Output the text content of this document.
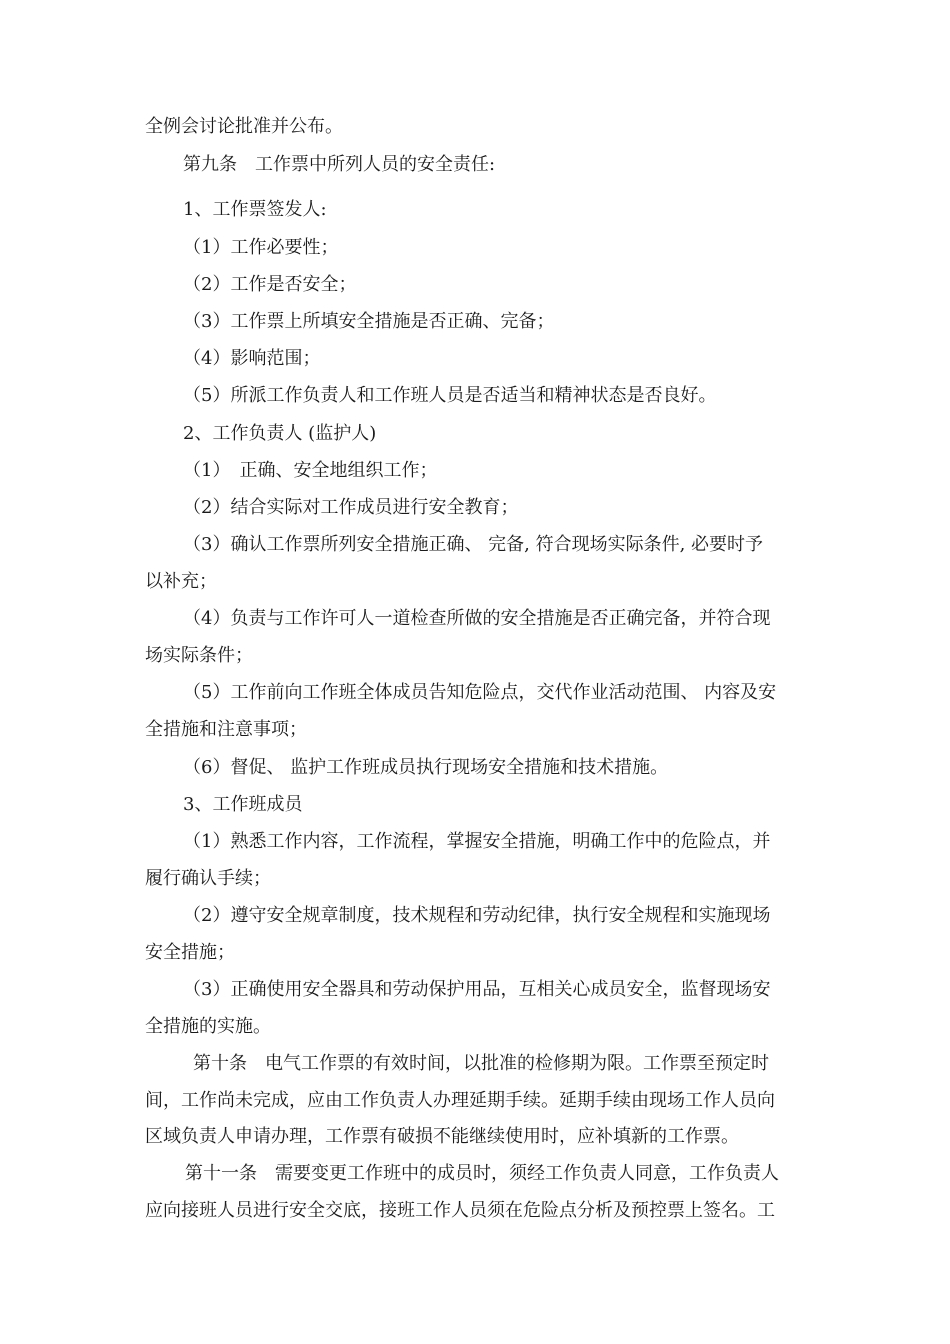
全例会讨论批准并公布。

第九条　工作票中所列人员的安全责任:

1、工作票签发人:

（1）工作必要性；

（2）工作是否安全；

（3）工作票上所填安全措施是否正确、完备；

（4）影响范围；

（5）所派工作负责人和工作班人员是否适当和精神状态是否良好。

2、工作负责人 (监护人)

（1）　正确、安全地组织工作；

（2）结合实际对工作成员进行安全教育；

（3）确认工作票所列安全措施正确、 完备, 符合现场实际条件, 必要时予

以补充；

（4）负责与工作许可人一道检查所做的安全措施是否正确完备，并符合现

场实际条件；

（5）工作前向工作班全体成员告知危险点，交代作业活动范围、 内容及安

全措施和注意事项；

（6）督促、 监护工作班成员执行现场安全措施和技术措施。

3、工作班成员

（1）熟悉工作内容，工作流程，掌握安全措施，明确工作中的危险点，并

履行确认手续；

（2）遵守安全规章制度，技术规程和劳动纪律，执行安全规程和实施现场

安全措施；

（3）正确使用安全器具和劳动保护用品，互相关心成员安全，监督现场安

全措施的实施。

第十条　电气工作票的有效时间，以批准的检修期为限。工作票至预定时

间，工作尚未完成，应由工作负责人办理延期手续。延期手续由现场工作人员向

区域负责人申请办理，工作票有破损不能继续使用时，应补填新的工作票。

第十一条　需要变更工作班中的成员时，须经工作负责人同意，工作负责人

应向接班人员进行安全交底，接班工作人员须在危险点分析及预控票上签名。工
